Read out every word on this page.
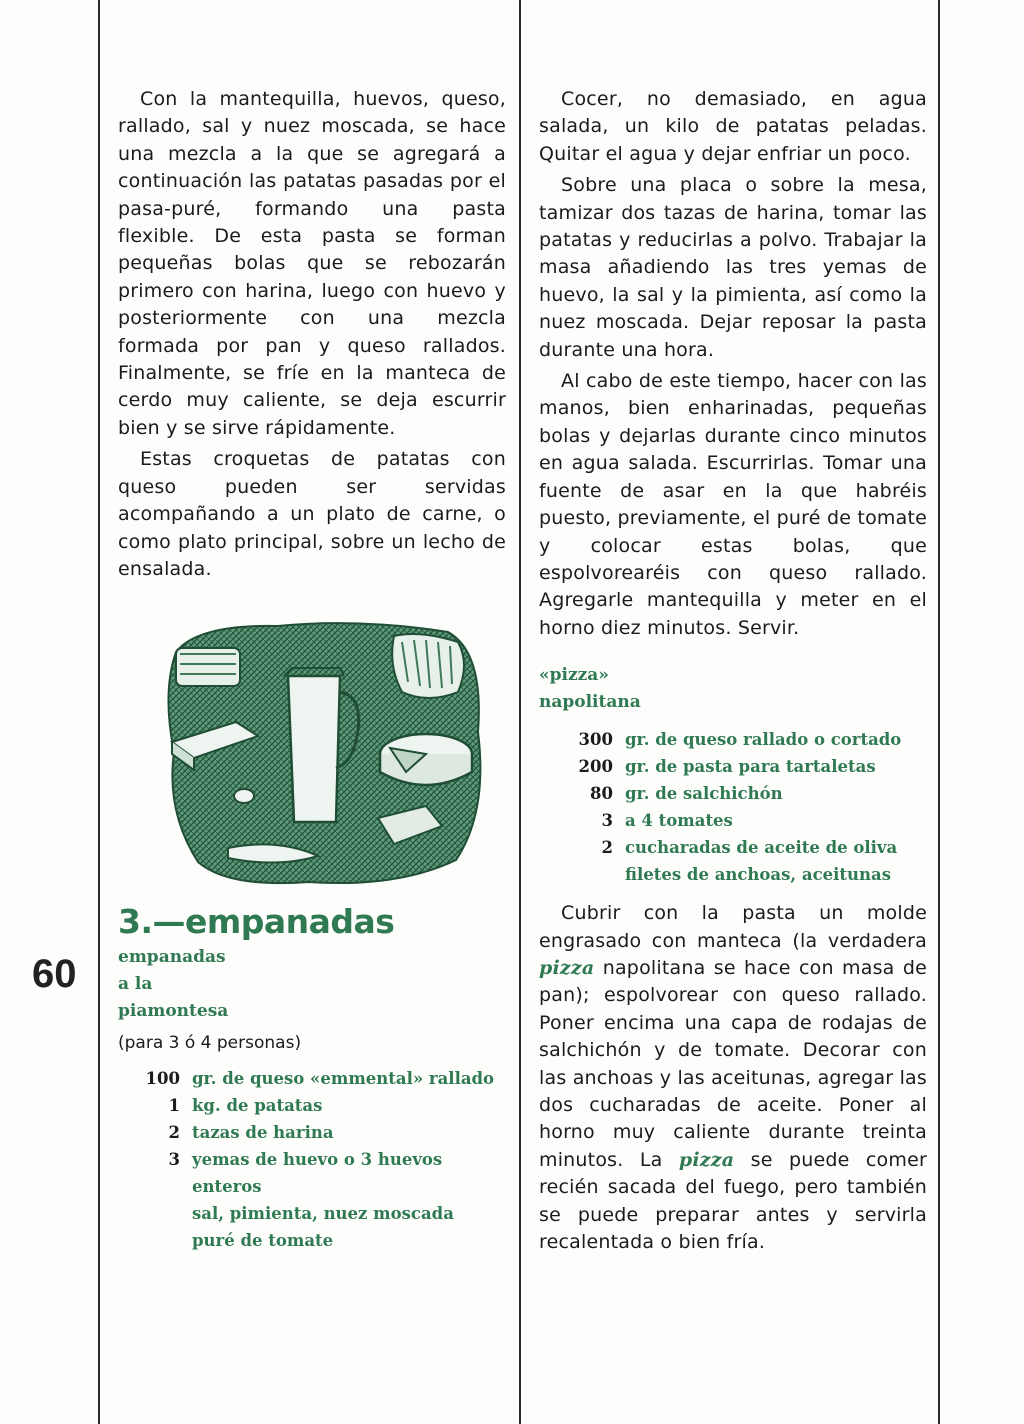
60

Con la mantequilla, huevos, queso, rallado, sal y nuez moscada, se hace una mezcla a la que se agregará a continuación las patatas pasadas por el pasa-puré, formando una pasta flexible. De esta pasta se forman pequeñas bolas que se rebozarán primero con harina, luego con huevo y posteriormente con una mezcla formada por pan y queso rallados. Finalmente, se fríe en la manteca de cerdo muy caliente, se deja escurrir bien y se sirve rápidamente.

Estas croquetas de patatas con queso pueden ser servidas acompañando a un plato de carne, o como plato principal, sobre un lecho de ensalada.

3.—empanadas
empanadas
a la
piamontesa
(para 3 ó 4 personas)
100 gr. de queso «emmental» rallado
1 kg. de patatas
2 tazas de harina
3 yemas de huevo o 3 huevos enteros
sal, pimienta, nuez moscada
puré de tomate

Cocer, no demasiado, en agua salada, un kilo de patatas peladas. Quitar el agua y dejar enfriar un poco.

Sobre una placa o sobre la mesa, tamizar dos tazas de harina, tomar las patatas y reducirlas a polvo. Trabajar la masa añadiendo las tres yemas de huevo, la sal y la pimienta, así como la nuez moscada. Dejar reposar la pasta durante una hora.

Al cabo de este tiempo, hacer con las manos, bien enharinadas, pequeñas bolas y dejarlas durante cinco minutos en agua salada. Escurrirlas. Tomar una fuente de asar en la que habréis puesto, previamente, el puré de tomate y colocar estas bolas, que espolvorearéis con queso rallado. Agregarle mantequilla y meter en el horno diez minutos. Servir.

«pizza»
napolitana
300 gr. de queso rallado o cortado
200 gr. de pasta para tartaletas
80 gr. de salchichón
3 a 4 tomates
2 cucharadas de aceite de oliva
filetes de anchoas, aceitunas

Cubrir con la pasta un molde engrasado con manteca (la verdadera pizza napolitana se hace con masa de pan); espolvorear con queso rallado. Poner encima una capa de rodajas de salchichón y de tomate. Decorar con las anchoas y las aceitunas, agregar las dos cucharadas de aceite. Poner al horno muy caliente durante treinta minutos. La pizza se puede comer recién sacada del fuego, pero también se puede preparar antes y servirla recalentada o bien fría.
